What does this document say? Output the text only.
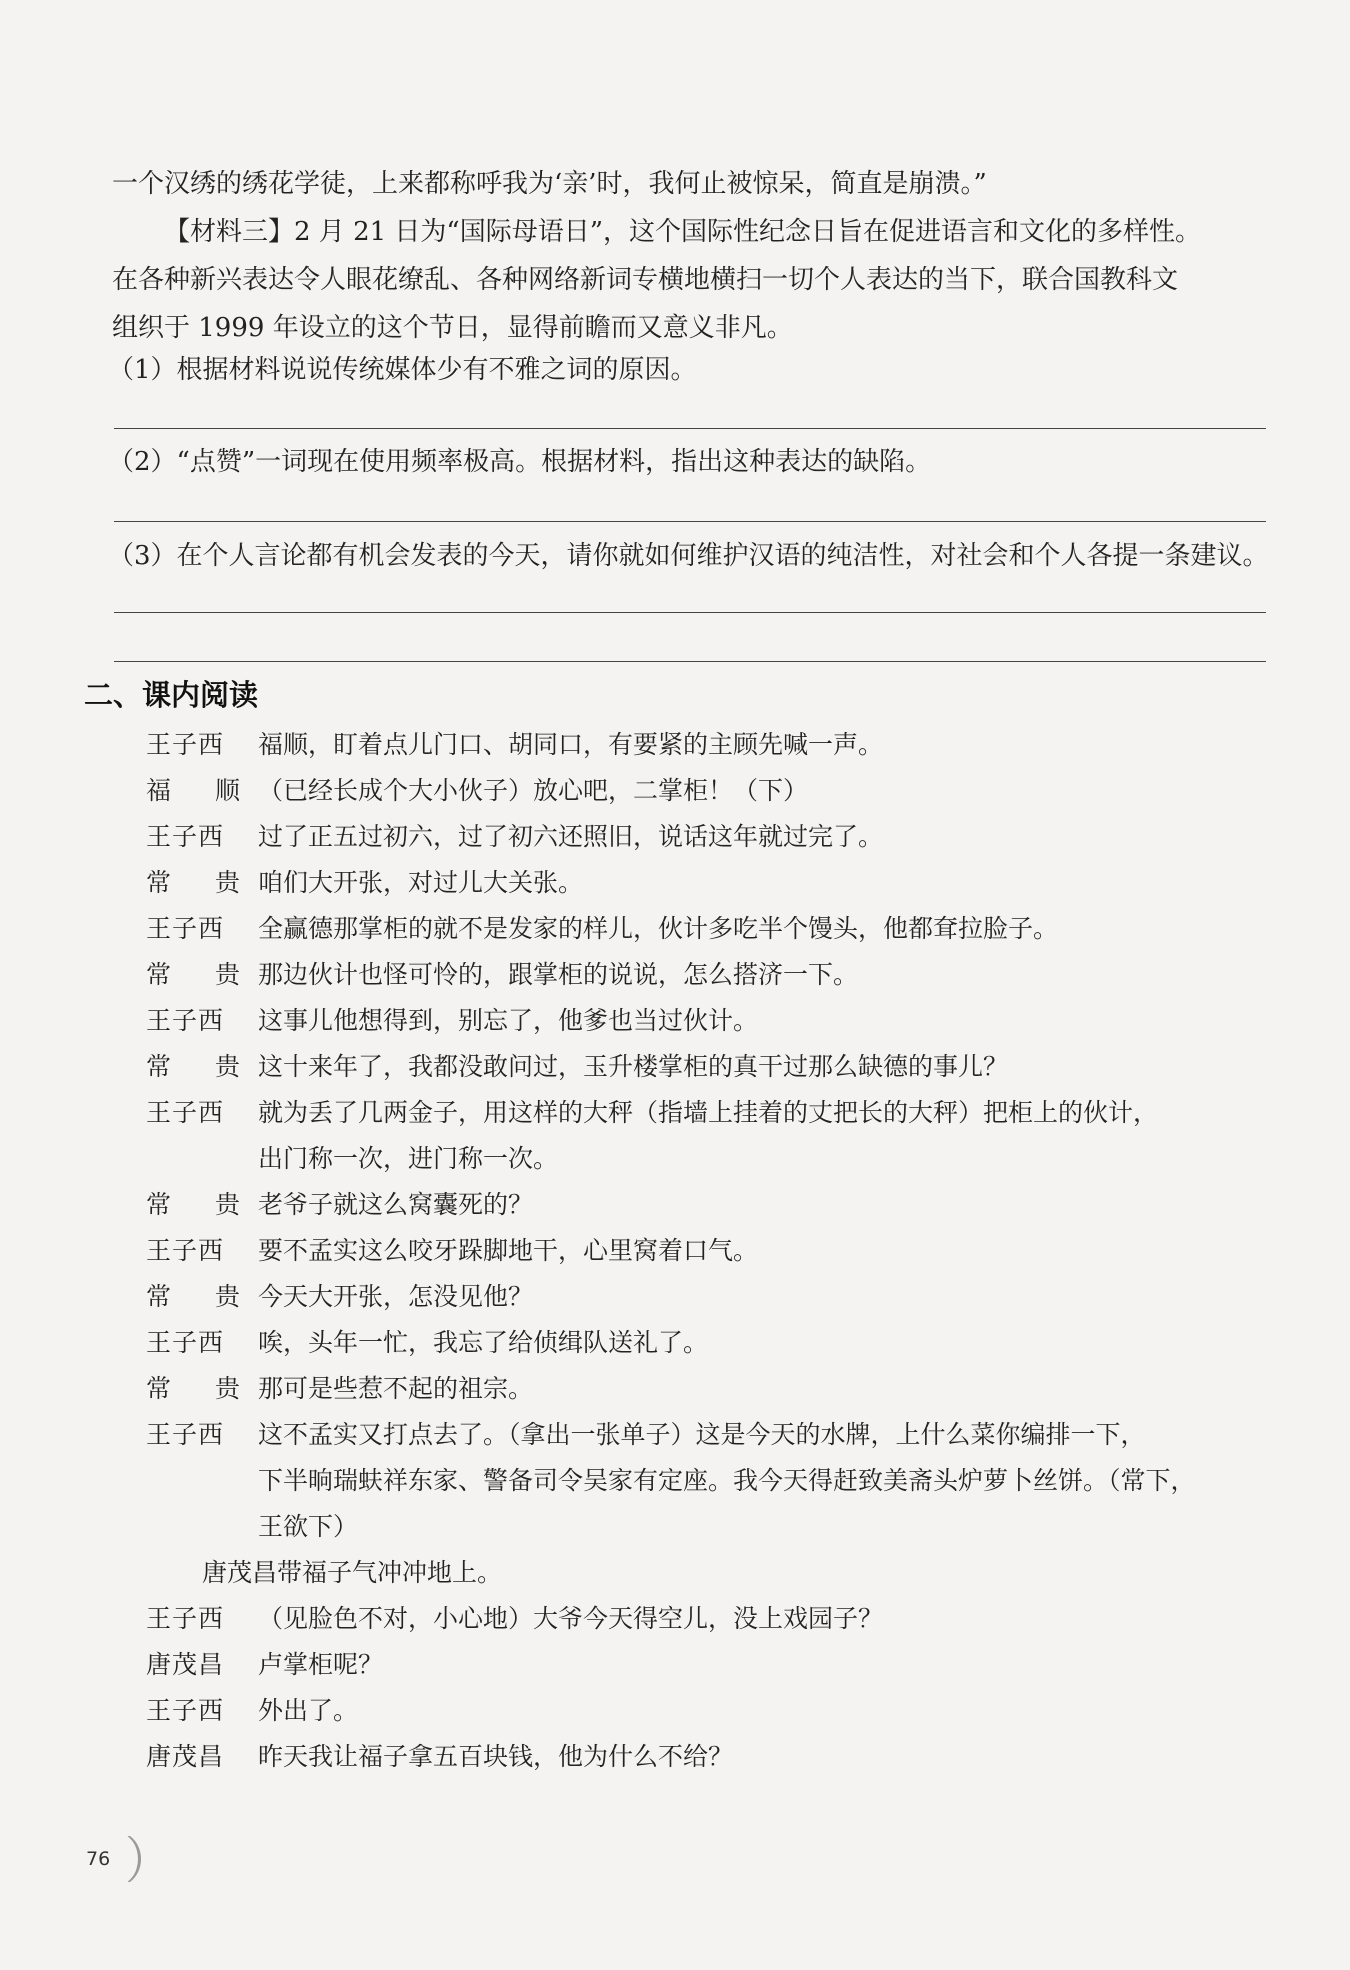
一个汉绣的绣花学徒，上来都称呼我为‘亲’时，我何止被惊呆，简直是崩溃。”
【材料三】2 月 21 日为“国际母语日”，这个国际性纪念日旨在促进语言和文化的多样性。
在各种新兴表达令人眼花缭乱、各种网络新词专横地横扫一切个人表达的当下，联合国教科文
组织于 1999 年设立的这个节日，显得前瞻而又意义非凡。
（1）根据材料说说传统媒体少有不雅之词的原因。
（2）“点赞”一词现在使用频率极高。根据材料，指出这种表达的缺陷。
（3）在个人言论都有机会发表的今天，请你就如何维护汉语的纯洁性，对社会和个人各提一条建议。
二、课内阅读
王子西	福顺，盯着点儿门口、胡同口，有要紧的主顾先喊一声。
福 顺 （已经长成个大小伙子）放心吧，二掌柜！（下）
王子西	过了正五过初六，过了初六还照旧，说话这年就过完了。
常 贵 咱们大开张，对过儿大关张。
王子西	全赢德那掌柜的就不是发家的样儿，伙计多吃半个馒头，他都耷拉脸子。
常 贵 那边伙计也怪可怜的，跟掌柜的说说，怎么搭济一下。
王子西	这事儿他想得到，别忘了，他爹也当过伙计。
常 贵 这十来年了，我都没敢问过，玉升楼掌柜的真干过那么缺德的事儿？
王子西	就为丢了几两金子，用这样的大秤（指墙上挂着的丈把长的大秤）把柜上的伙计，
出门称一次，进门称一次。
常 贵 老爷子就这么窝囊死的？
王子西	要不孟实这么咬牙跺脚地干，心里窝着口气。
常 贵 今天大开张，怎没见他？
王子西	唉，头年一忙，我忘了给侦缉队送礼了。
常 贵 那可是些惹不起的祖宗。
王子西	这不孟实又打点去了。（拿出一张单子）这是今天的水牌，上什么菜你编排一下，
下半晌瑞蚨祥东家、警备司令吴家有定座。我今天得赶致美斋头炉萝卜丝饼。（常下，
王欲下）
唐茂昌带福子气冲冲地上。
王子西	（见脸色不对，小心地）大爷今天得空儿，没上戏园子？
唐茂昌	卢掌柜呢？
王子西	外出了。
唐茂昌	昨天我让福子拿五百块钱，他为什么不给？
76
